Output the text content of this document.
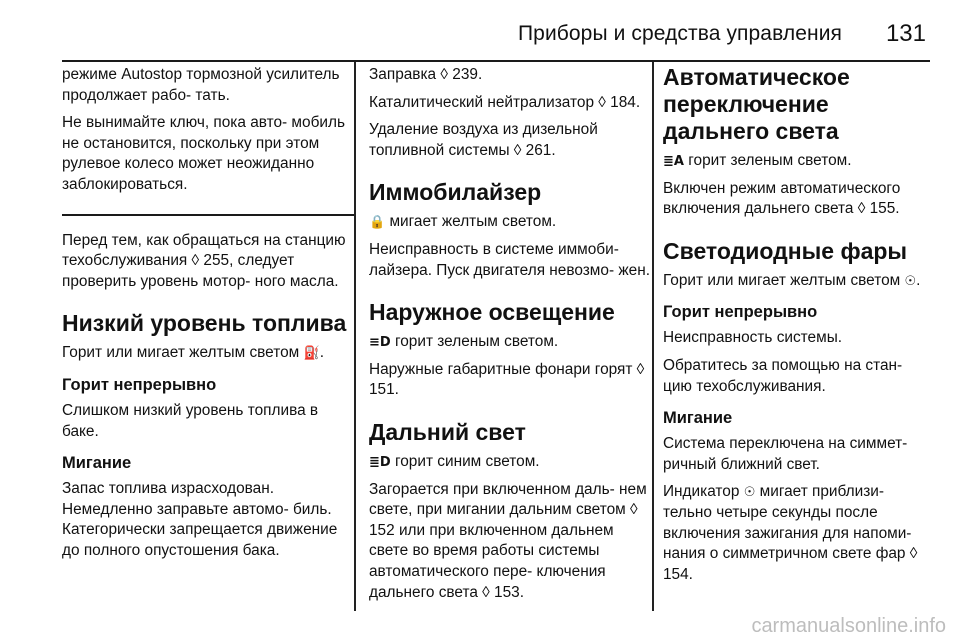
Приборы и средства управления 131

режиме Autostop тормозной усилитель продолжает рабо- тать.

Не вынимайте ключ, пока авто- мобиль не остановится, поскольку при этом рулевое колесо может неожиданно заблокироваться.

Перед тем, как обращаться на станцию техобслуживания ◊ 255, следует проверить уровень мотор- ного масла.

Низкий уровень топлива

Горит или мигает желтым светом ⛽.

Горит непрерывно

Слишком низкий уровень топлива в баке.

Мигание

Запас топлива израсходован. Немедленно заправьте автомо- биль. Категорически запрещается движение до полного опустошения бака.

Заправка ◊ 239.

Каталитический нейтрализатор ◊ 184.

Удаление воздуха из дизельной топливной системы ◊ 261.

Иммобилайзер

🔒 мигает желтым светом.

Неисправность в системе иммоби- лайзера. Пуск двигателя невозмо- жен.

Наружное освещение

≡D горит зеленым светом.

Наружные габаритные фонари горят ◊ 151.

Дальний свет

≣D горит синим светом.

Загорается при включенном даль- нем свете, при мигании дальним светом ◊ 152 или при включенном дальнем свете во время работы системы автоматического пере- ключения дальнего света ◊ 153.

Автоматическое переключение дальнего света

≣A горит зеленым светом.

Включен режим автоматического включения дальнего света ◊ 155.

Светодиодные фары

Горит или мигает желтым светом ☉.

Горит непрерывно

Неисправность системы.

Обратитесь за помощью на стан- цию техобслуживания.

Мигание

Система переключена на симмет- ричный ближний свет.

Индикатор ☉ мигает приблизи- тельно четыре секунды после включения зажигания для напоми- нания о симметричном свете фар ◊ 154.

carmanualsonline.info
